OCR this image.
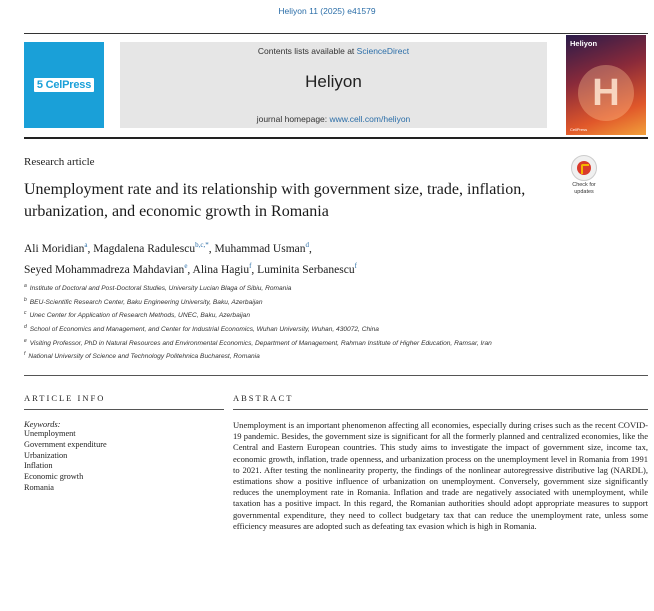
Heliyon 11 (2025) e41579
5 CelPress
Contents lists available at ScienceDirect
Heliyon
journal homepage: www.cell.com/heliyon
Heliyon
H
CellPress
Research article
Check for updates
Unemployment rate and its relationship with government size, trade, inflation, urbanization, and economic growth in Romania
Ali Moridian$^a$, Magdalena Radulescu$^{b,c,*}$, Muhammad Usman$^d$,
Seyed Mohammadreza Mahdavian$^e$, Alina Hagiu$^f$, Luminita Serbanescu$^f$
$^a$ Institute of Doctoral and Post-Doctoral Studies, University Lucian Blaga of Sibiu, Romania
$^b$ BEU-Scientific Research Center, Baku Engineering University, Baku, Azerbaijan
$^c$ Unec Center for Application of Research Methods, UNEC, Baku, Azerbaijan
$^d$ School of Economics and Management, and Center for Industrial Economics, Wuhan University, Wuhan, 430072, China
$^e$ Visiting Professor, PhD in Natural Resources and Environmental Economics, Department of Management, Rahman Institute of Higher Education, Ramsar, Iran
$^f$ National University of Science and Technology Politehnica Bucharest, Romania
ARTICLE INFO
Keywords:
Unemployment
Government expenditure
Urbanization
Inflation
Economic growth
Romania
ABSTRACT

Unemployment is an important phenomenon affecting all economies, especially during crises such as the recent COVID-19 pandemic. Besides, the government size is significant for all the formerly planned and centralized economies, like the Central and Eastern European countries. This study aims to investigate the impact of government size, income tax, economic growth, inflation, trade openness, and urbanization process on the unemployment level in Romania from 1991 to 2021. After testing the nonlinearity property, the findings of the nonlinear autoregressive distributive lag (NARDL), estimations show a positive influence of urbanization on unemployment. Conversely, government size significantly reduces the unemployment rate in Romania. Inflation and trade are negatively associated with unemployment, while taxation has a positive impact. In this regard, the Romanian authorities should adopt appropriate measures to support governmental expenditure, they need to collect budgetary tax that can reduce the unemployment rate, unless some efficiency measures are adopted such as defeating tax evasion which is high in Romania.
